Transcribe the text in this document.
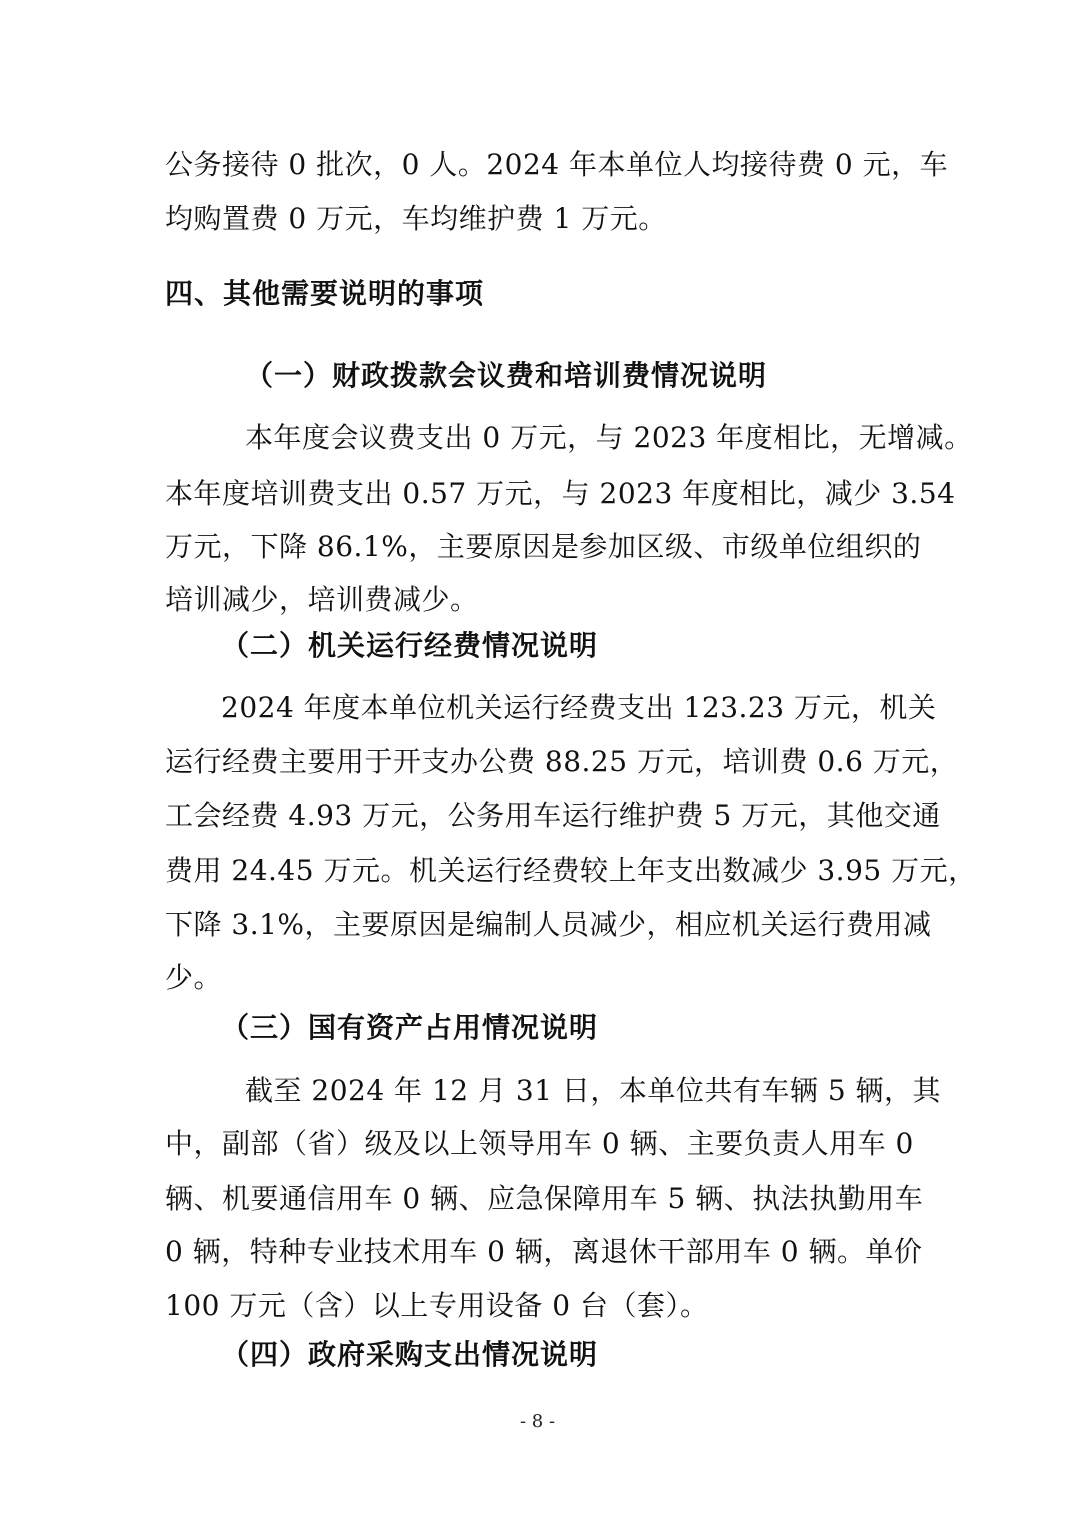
公务接待 0 批次，0 人。2024 年本单位人均接待费 0 元，车
均购置费 0 万元，车均维护费 1 万元。
四、其他需要说明的事项
（一）财政拨款会议费和培训费情况说明
本年度会议费支出 0 万元，与 2023 年度相比，无增减。
本年度培训费支出 0.57 万元，与 2023 年度相比，减少 3.54
万元，下降 86.1%，主要原因是参加区级、市级单位组织的
培训减少，培训费减少。
（二）机关运行经费情况说明
2024 年度本单位机关运行经费支出 123.23 万元，机关
运行经费主要用于开支办公费 88.25 万元，培训费 0.6 万元，
工会经费 4.93 万元，公务用车运行维护费 5 万元，其他交通
费用 24.45 万元。机关运行经费较上年支出数减少 3.95 万元，
下降 3.1%，主要原因是编制人员减少，相应机关运行费用减
少。
（三）国有资产占用情况说明
截至 2024 年 12 月 31 日，本单位共有车辆 5 辆，其
中，副部（省）级及以上领导用车 0 辆、主要负责人用车 0
辆、机要通信用车 0 辆、应急保障用车 5 辆、执法执勤用车
0 辆，特种专业技术用车 0 辆，离退休干部用车 0 辆。单价
100 万元（含）以上专用设备 0 台（套）。
（四）政府采购支出情况说明
- 8 -
